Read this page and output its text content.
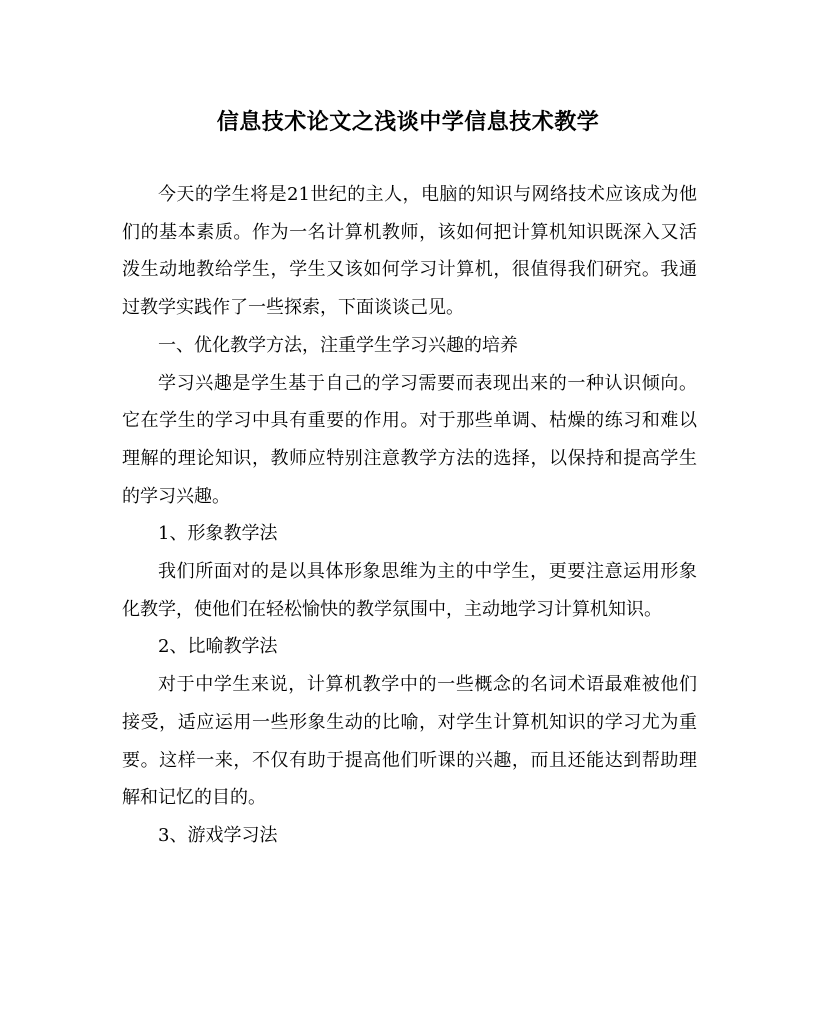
信息技术论文之浅谈中学信息技术教学

今天的学生将是21世纪的主人，电脑的知识与网络技术应该成为他们的基本素质。作为一名计算机教师，该如何把计算机知识既深入又活泼生动地教给学生，学生又该如何学习计算机，很值得我们研究。我通过教学实践作了一些探索，下面谈谈己见。

一、优化教学方法，注重学生学习兴趣的培养

学习兴趣是学生基于自己的学习需要而表现出来的一种认识倾向。它在学生的学习中具有重要的作用。对于那些单调、枯燥的练习和难以理解的理论知识，教师应特别注意教学方法的选择，以保持和提高学生的学习兴趣。

1、形象教学法

我们所面对的是以具体形象思维为主的中学生，更要注意运用形象化教学，使他们在轻松愉快的教学氛围中，主动地学习计算机知识。

2、比喻教学法

对于中学生来说，计算机教学中的一些概念的名词术语最难被他们接受，适应运用一些形象生动的比喻，对学生计算机知识的学习尤为重要。这样一来，不仅有助于提高他们听课的兴趣，而且还能达到帮助理解和记忆的目的。

3、游戏学习法
